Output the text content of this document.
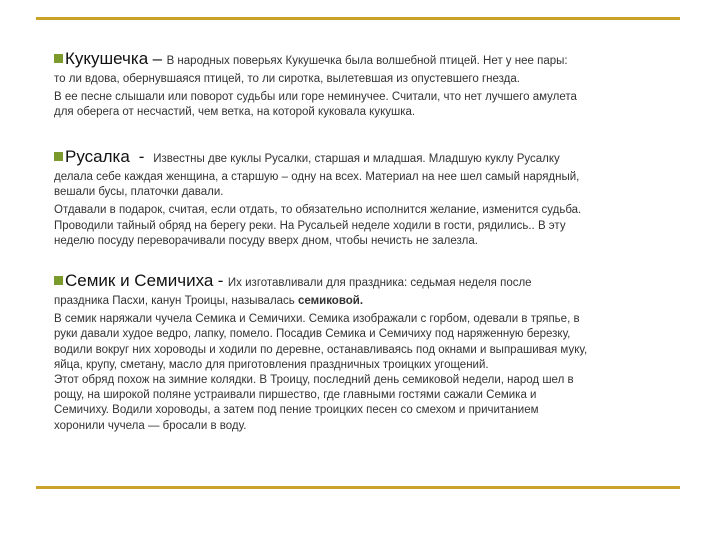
Кукушечка – В народных поверьях Кукушечка была волшебной птицей. Нет у нее пары:

то ли вдова, обернувшаяся птицей, то ли сиротка, вылетевшая из опустевшего гнезда.

В ее песне слышали или поворот судьбы или горе неминучее. Считали, что нет лучшего амулета

для оберега от несчастий, чем ветка, на которой куковала кукушка.

Русалка - Известны две куклы Русалки, старшая и младшая. Младшую куклу Русалку

делала себе каждая женщина, а старшую – одну на всех. Материал на нее шел самый нарядный,

вешали бусы, платочки давали.

Отдавали в подарок, считая, если отдать, то обязательно исполнится желание, изменится судьба.

Проводили тайный обряд на берегу реки. На Русальей неделе ходили в гости, рядились.. В эту

неделю посуду переворачивали посуду вверх дном, чтобы нечисть не залезла.

Семик и Семичиха - Их изготавливали для праздника: седьмая неделя после

праздника Пасхи, канун Троицы, называлась семиковой.

В семик наряжали чучела Семика и Семичихи. Семика изображали с горбом, одевали в тряпье, в

руки давали худое ведро, лапку, помело. Посадив Семика и Семичиху под наряженную березку,

водили вокруг них хороводы и ходили по деревне, останавливаясь под окнами и выпрашивая муку,

яйца, крупу, сметану, масло для приготовления праздничных троицких угощений.

Этот обряд похож на зимние колядки. В Троицу, последний день семиковой недели, народ шел в

рощу, на широкой поляне устраивали пиршество, где главными гостями сажали Семика и

Семичиху. Водили хороводы, а затем под пение троицких песен со смехом и причитанием

хоронили чучела — бросали в воду.
